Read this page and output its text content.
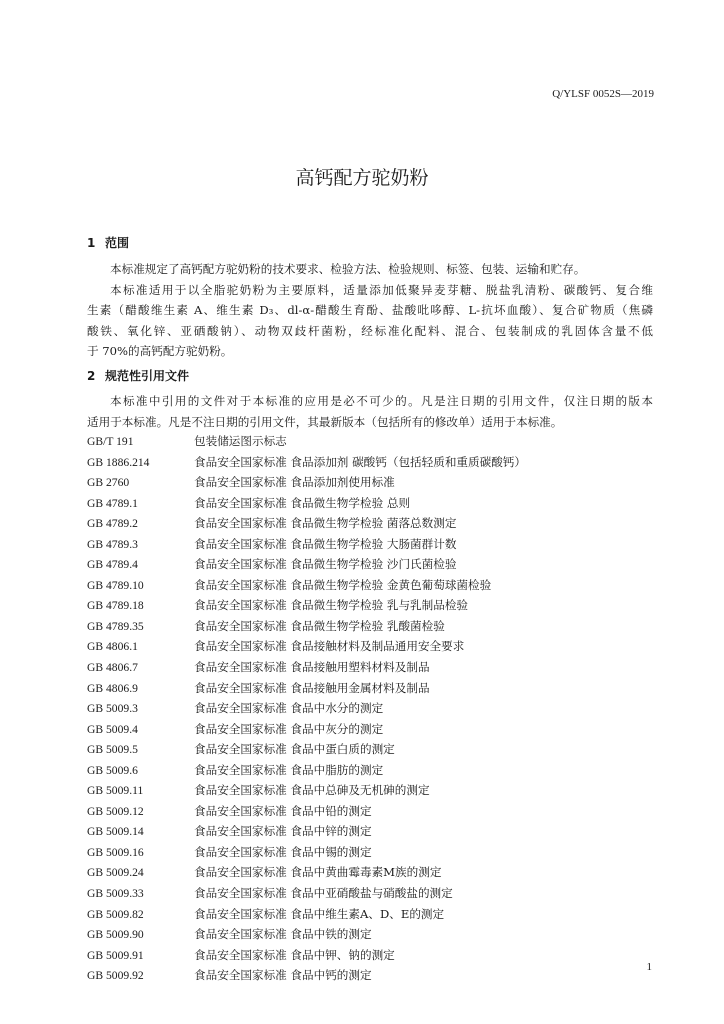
Q/YLSF 0052S—2019
高钙配方驼奶粉
1 范围

本标准规定了高钙配方驼奶粉的技术要求、检验方法、检验规则、标签、包装、运输和贮存。

本标准适用于以全脂驼奶粉为主要原料，适量添加低聚异麦芽糖、脱盐乳清粉、碳酸钙、复合维

生素（醋酸维生素 A、维生素 D₃、dl-α-醋酸生育酚、盐酸吡哆醇、L-抗坏血酸）、复合矿物质（焦磷

酸铁、氧化锌、亚硒酸钠）、动物双歧杆菌粉，经标准化配料、混合、包装制成的乳固体含量不低

于 70%的高钙配方驼奶粉。

2 规范性引用文件

本标准中引用的文件对于本标准的应用是必不可少的。凡是注日期的引用文件，仅注日期的版本

适用于本标准。凡是不注日期的引用文件，其最新版本（包括所有的修改单）适用于本标准。

GB/T 191	包装储运图示标志
GB 1886.214	食品安全国家标准 食品添加剂 碳酸钙（包括轻质和重质碳酸钙）
GB 2760	食品安全国家标准 食品添加剂使用标准
GB 4789.1	食品安全国家标准 食品微生物学检验 总则
GB 4789.2	食品安全国家标准 食品微生物学检验 菌落总数测定
GB 4789.3	食品安全国家标准 食品微生物学检验 大肠菌群计数
GB 4789.4	食品安全国家标准 食品微生物学检验 沙门氏菌检验
GB 4789.10	食品安全国家标准 食品微生物学检验 金黄色葡萄球菌检验
GB 4789.18	食品安全国家标准 食品微生物学检验 乳与乳制品检验
GB 4789.35	食品安全国家标准 食品微生物学检验 乳酸菌检验
GB 4806.1	食品安全国家标准 食品接触材料及制品通用安全要求
GB 4806.7	食品安全国家标准 食品接触用塑料材料及制品
GB 4806.9	食品安全国家标准 食品接触用金属材料及制品
GB 5009.3	食品安全国家标准 食品中水分的测定
GB 5009.4	食品安全国家标准 食品中灰分的测定
GB 5009.5	食品安全国家标准 食品中蛋白质的测定
GB 5009.6	食品安全国家标准 食品中脂肪的测定
GB 5009.11	食品安全国家标准 食品中总砷及无机砷的测定
GB 5009.12	食品安全国家标准 食品中铅的测定
GB 5009.14	食品安全国家标准 食品中锌的测定
GB 5009.16	食品安全国家标准 食品中锡的测定
GB 5009.24	食品安全国家标准 食品中黄曲霉毒素M族的测定
GB 5009.33	食品安全国家标准 食品中亚硝酸盐与硝酸盐的测定
GB 5009.82	食品安全国家标准 食品中维生素A、D、E的测定
GB 5009.90	食品安全国家标准 食品中铁的测定
GB 5009.91	食品安全国家标准 食品中钾、钠的测定
GB 5009.92	食品安全国家标准 食品中钙的测定
1
